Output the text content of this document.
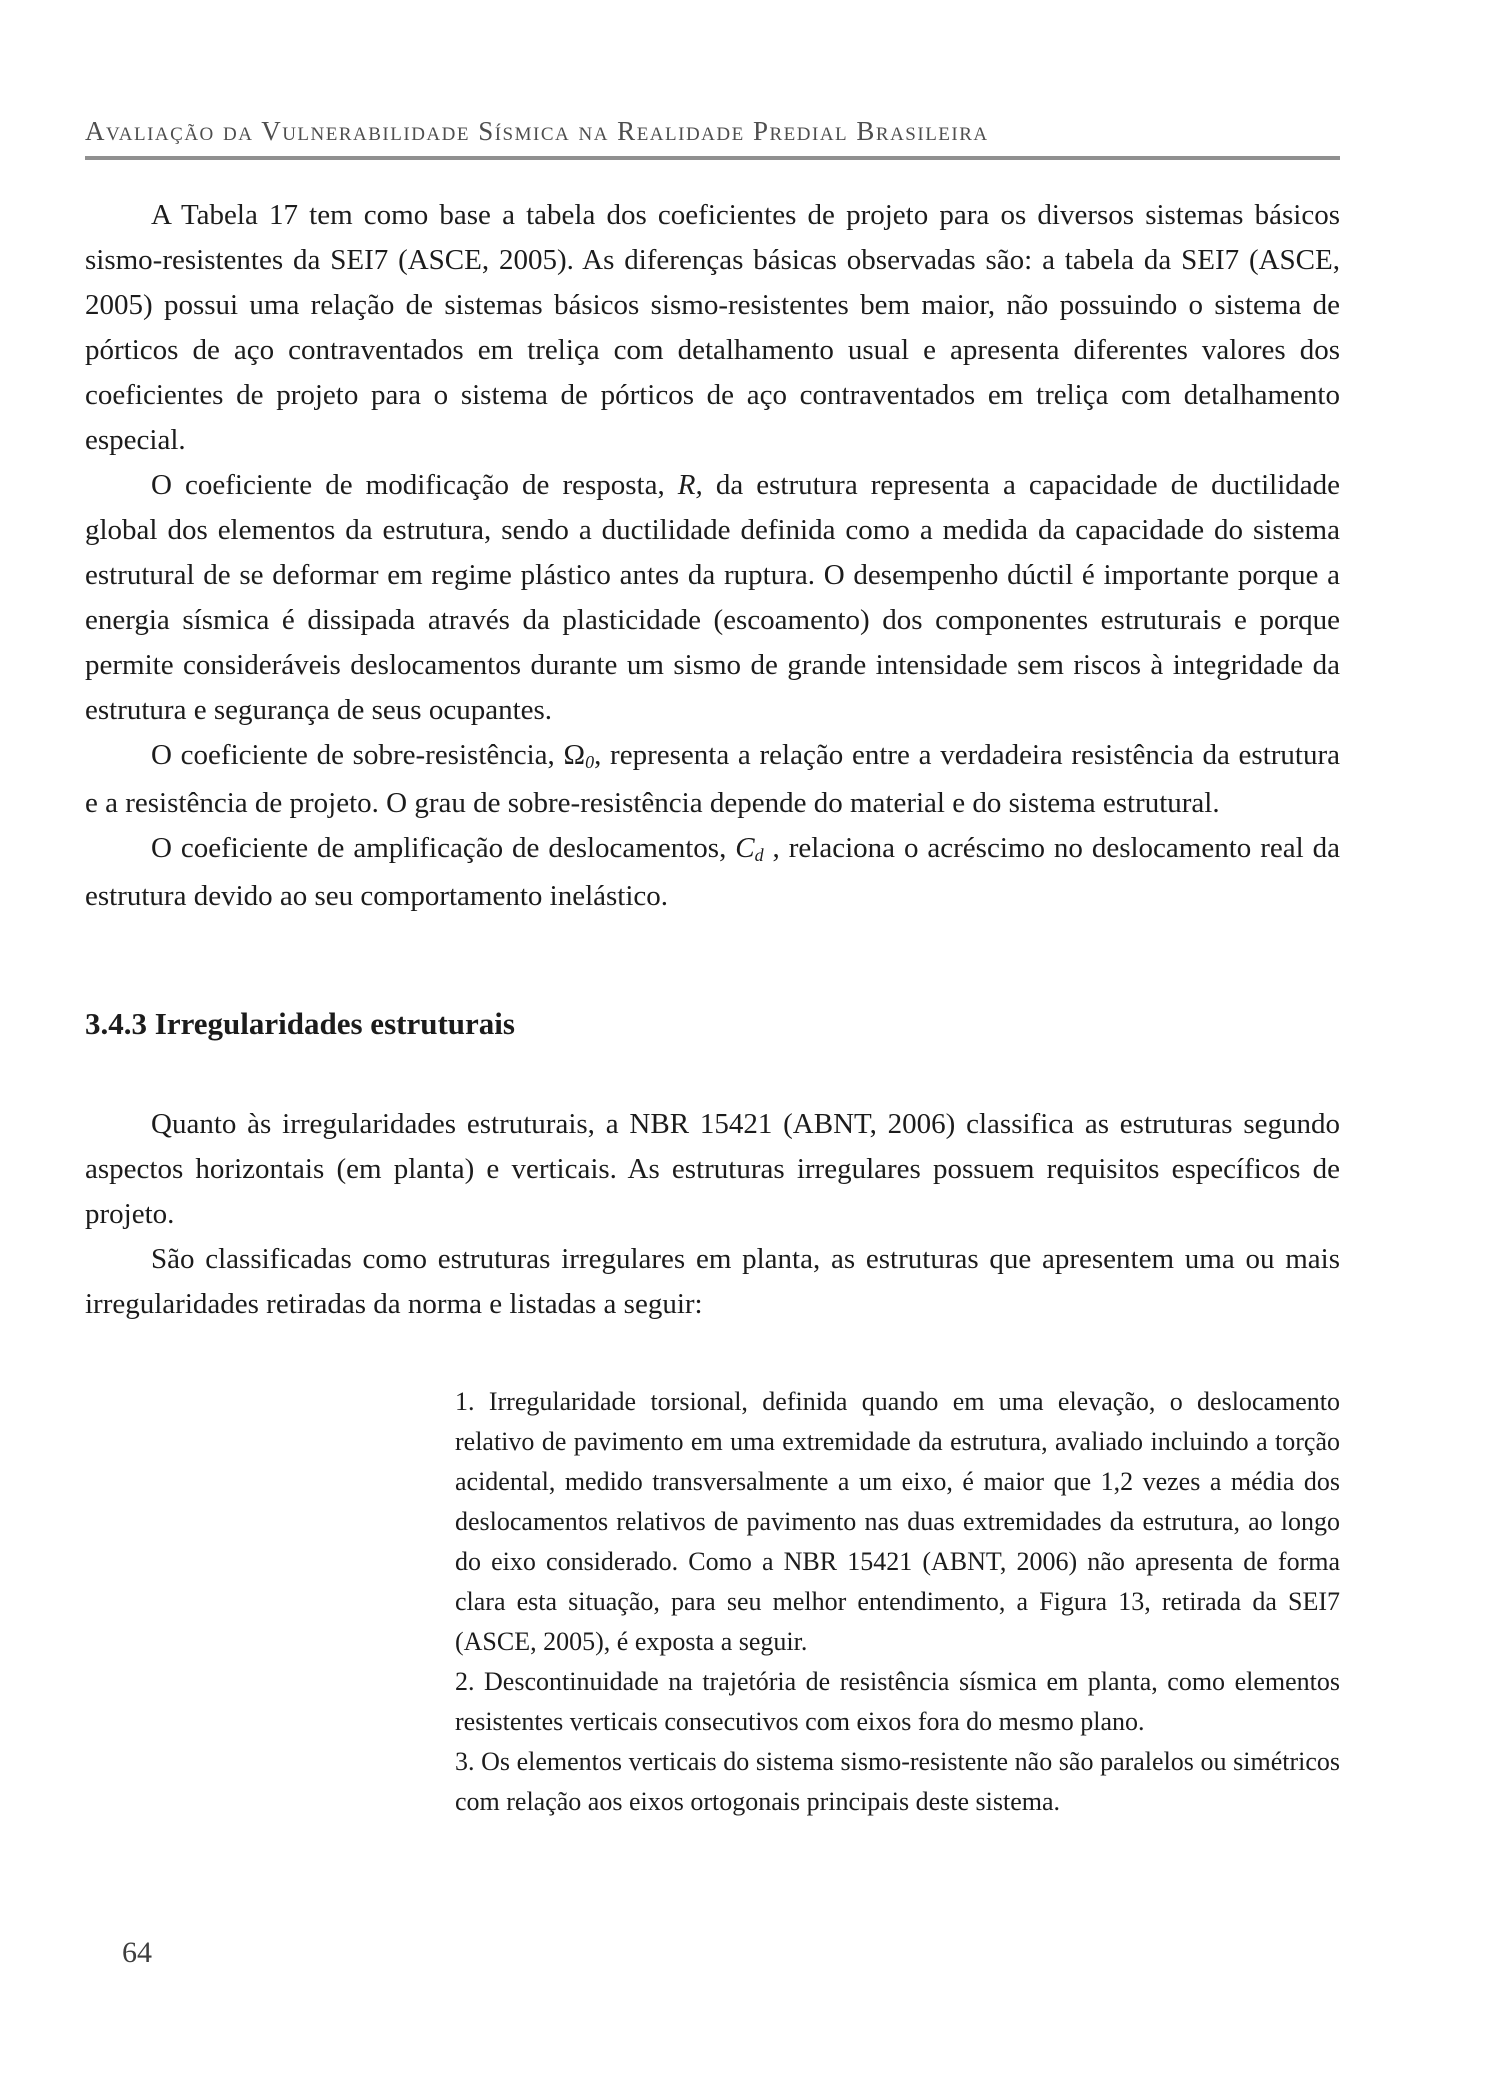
Avaliação da Vulnerabilidade Sísmica na Realidade Predial Brasileira

A Tabela 17 tem como base a tabela dos coeficientes de projeto para os diversos sistemas básicos sismo-resistentes da SEI7 (ASCE, 2005). As diferenças básicas observadas são: a tabela da SEI7 (ASCE, 2005) possui uma relação de sistemas básicos sismo-resistentes bem maior, não possuindo o sistema de pórticos de aço contraventados em treliça com detalhamento usual e apresenta diferentes valores dos coeficientes de projeto para o sistema de pórticos de aço contraventados em treliça com detalhamento especial.

O coeficiente de modificação de resposta, R, da estrutura representa a capacidade de ductilidade global dos elementos da estrutura, sendo a ductilidade definida como a medida da capacidade do sistema estrutural de se deformar em regime plástico antes da ruptura. O desempenho dúctil é importante porque a energia sísmica é dissipada através da plasticidade (escoamento) dos componentes estruturais e porque permite consideráveis deslocamentos durante um sismo de grande intensidade sem riscos à integridade da estrutura e segurança de seus ocupantes.

O coeficiente de sobre-resistência, Ω0, representa a relação entre a verdadeira resistência da estrutura e a resistência de projeto. O grau de sobre-resistência depende do material e do sistema estrutural.

O coeficiente de amplificação de deslocamentos, Cd , relaciona o acréscimo no deslocamento real da estrutura devido ao seu comportamento inelástico.

3.4.3 Irregularidades estruturais

Quanto às irregularidades estruturais, a NBR 15421 (ABNT, 2006) classifica as estruturas segundo aspectos horizontais (em planta) e verticais. As estruturas irregulares possuem requisitos específicos de projeto.

São classificadas como estruturas irregulares em planta, as estruturas que apresentem uma ou mais irregularidades retiradas da norma e listadas a seguir:

1. Irregularidade torsional, definida quando em uma elevação, o deslocamento relativo de pavimento em uma extremidade da estrutura, avaliado incluindo a torção acidental, medido transversalmente a um eixo, é maior que 1,2 vezes a média dos deslocamentos relativos de pavimento nas duas extremidades da estrutura, ao longo do eixo considerado. Como a NBR 15421 (ABNT, 2006) não apresenta de forma clara esta situação, para seu melhor entendimento, a Figura 13, retirada da SEI7 (ASCE, 2005), é exposta a seguir.

2. Descontinuidade na trajetória de resistência sísmica em planta, como elementos resistentes verticais consecutivos com eixos fora do mesmo plano.

3. Os elementos verticais do sistema sismo-resistente não são paralelos ou simétricos com relação aos eixos ortogonais principais deste sistema.

64
